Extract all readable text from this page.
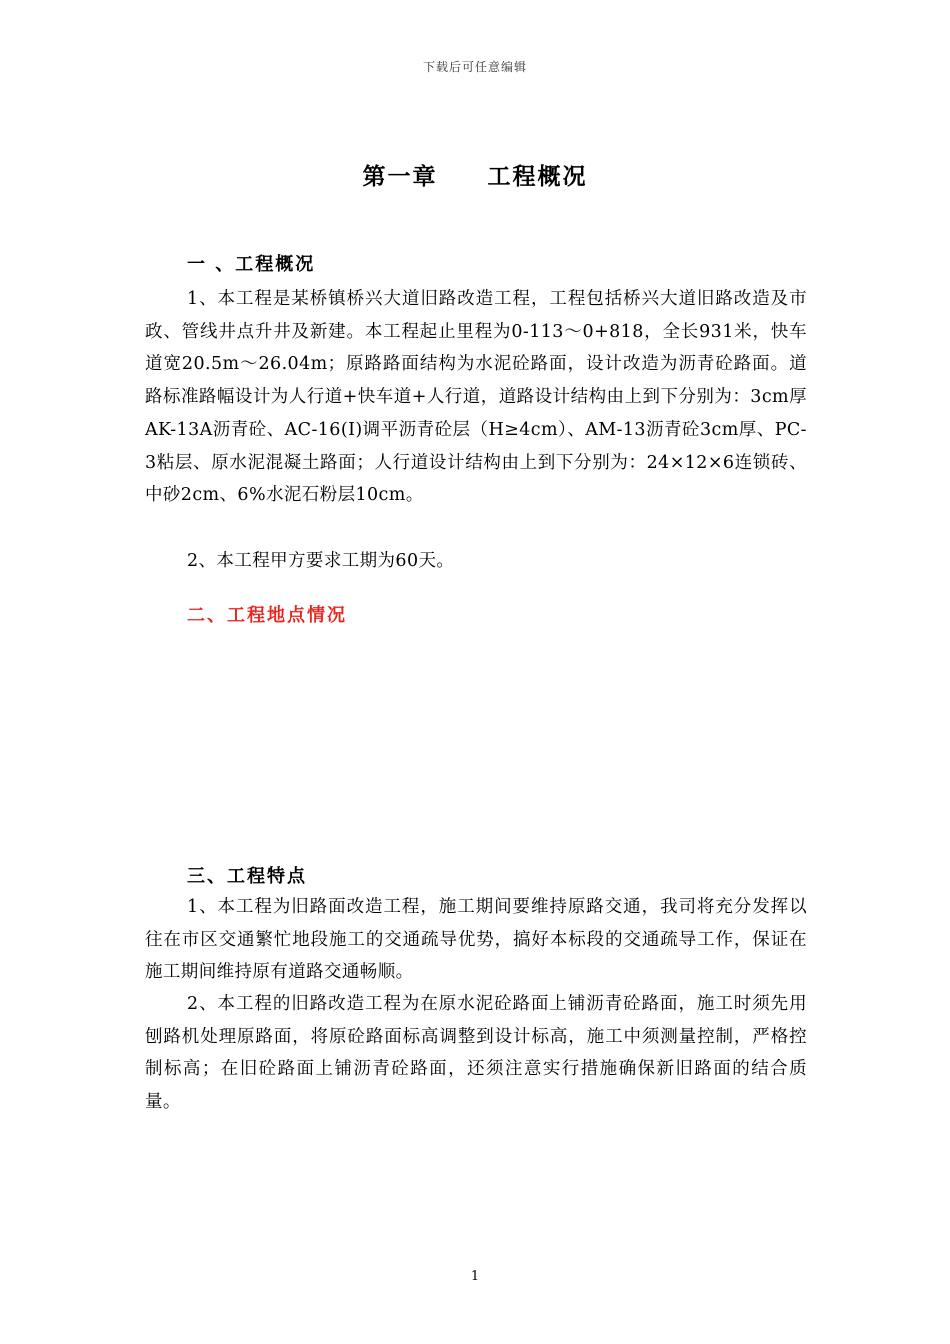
下载后可任意编辑
第一章 工程概况
一 、工程概况

1、本工程是某桥镇桥兴大道旧路改造工程，工程包括桥兴大道旧路改造及市政、管线井点升井及新建。本工程起止里程为0-113～0+818，全长931米，快车道宽20.5m～26.04m；原路路面结构为水泥砼路面，设计改造为沥青砼路面。道路标准路幅设计为人行道+快车道+人行道，道路设计结构由上到下分别为：3cm厚AK-13A沥青砼、AC-16(I)调平沥青砼层（H≥4cm）、AM-13沥青砼3cm厚、PC-3粘层、原水泥混凝土路面；人行道设计结构由上到下分别为：24×12×6连锁砖、中砂2cm、6%水泥石粉层10cm。

2、本工程甲方要求工期为60天。

二、工程地点情况
三、工程特点

1、本工程为旧路面改造工程，施工期间要维持原路交通，我司将充分发挥以往在市区交通繁忙地段施工的交通疏导优势，搞好本标段的交通疏导工作，保证在施工期间维持原有道路交通畅顺。

2、本工程的旧路改造工程为在原水泥砼路面上铺沥青砼路面，施工时须先用刨路机处理原路面，将原砼路面标高调整到设计标高，施工中须测量控制，严格控制标高；在旧砼路面上铺沥青砼路面，还须注意实行措施确保新旧路面的结合质量。

1
